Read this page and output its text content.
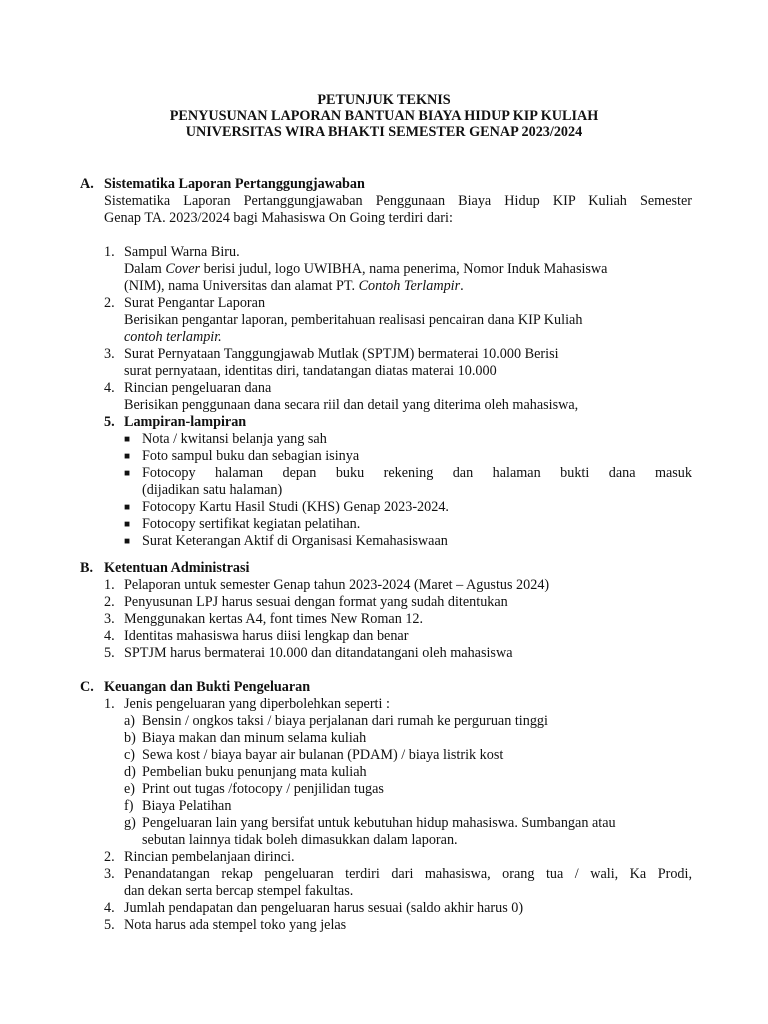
PETUNJUK TEKNIS
PENYUSUNAN LAPORAN BANTUAN BIAYA HIDUP KIP KULIAH
UNIVERSITAS WIRA BHAKTI SEMESTER GENAP 2023/2024
A. Sistematika Laporan Pertanggungjawaban
Sistematika Laporan Pertanggungjawaban Penggunaan Biaya Hidup KIP Kuliah Semester
Genap TA. 2023/2024 bagi Mahasiswa On Going terdiri dari:
1. Sampul Warna Biru.
Dalam Cover berisi judul, logo UWIBHA, nama penerima, Nomor Induk Mahasiswa
(NIM), nama Universitas dan alamat PT. Contoh Terlampir.
2. Surat Pengantar Laporan
Berisikan pengantar laporan, pemberitahuan realisasi pencairan dana KIP Kuliah
contoh terlampir.
3. Surat Pernyataan Tanggungjawab Mutlak (SPTJM) bermaterai 10.000 Berisi
surat pernyataan, identitas diri, tandatangan diatas materai 10.000
4. Rincian pengeluaran dana
Berisikan penggunaan dana secara riil dan detail yang diterima oleh mahasiswa,
5. Lampiran-lampiran
■ Nota / kwitansi belanja yang sah
■ Foto sampul buku dan sebagian isinya
■ Fotocopy halaman depan buku rekening dan halaman bukti dana masuk
(dijadikan satu halaman)
■ Fotocopy Kartu Hasil Studi (KHS) Genap 2023-2024.
■ Fotocopy sertifikat kegiatan pelatihan.
■ Surat Keterangan Aktif di Organisasi Kemahasiswaan
B. Ketentuan Administrasi
1. Pelaporan untuk semester Genap tahun 2023-2024 (Maret – Agustus 2024)
2. Penyusunan LPJ harus sesuai dengan format yang sudah ditentukan
3. Menggunakan kertas A4, font times New Roman 12.
4. Identitas mahasiswa harus diisi lengkap dan benar
5. SPTJM harus bermaterai 10.000 dan ditandatangani oleh mahasiswa
C. Keuangan dan Bukti Pengeluaran
1. Jenis pengeluaran yang diperbolehkan seperti :
a) Bensin / ongkos taksi / biaya perjalanan dari rumah ke perguruan tinggi
b) Biaya makan dan minum selama kuliah
c) Sewa kost / biaya bayar air bulanan (PDAM) / biaya listrik kost
d) Pembelian buku penunjang mata kuliah
e) Print out tugas /fotocopy / penjilidan tugas
f) Biaya Pelatihan
g) Pengeluaran lain yang bersifat untuk kebutuhan hidup mahasiswa. Sumbangan atau
sebutan lainnya tidak boleh dimasukkan dalam laporan.
2. Rincian pembelanjaan dirinci.
3. Penandatangan rekap pengeluaran terdiri dari mahasiswa, orang tua / wali, Ka Prodi,
dan dekan serta bercap stempel fakultas.
4. Jumlah pendapatan dan pengeluaran harus sesuai (saldo akhir harus 0)
5. Nota harus ada stempel toko yang jelas
